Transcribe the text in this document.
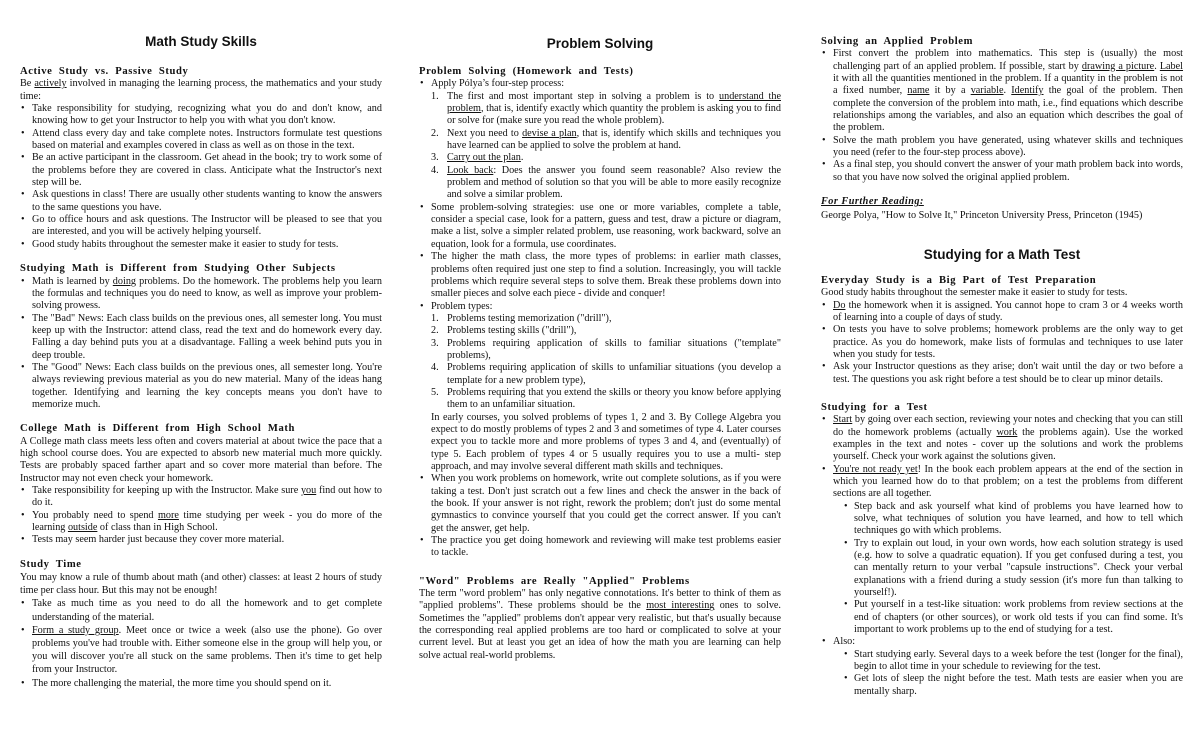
Math Study Skills
Active  Study  vs.  Passive  Study

Be actively involved in managing the learning process, the mathematics and your study time:

• Take responsibility for studying, recognizing what you do and don't know, and knowing how to get your Instructor to help you with what you don't know.
• Attend class every day and take complete notes. Instructors formulate test questions based on material and examples covered in class as well as on those in the text.
• Be an active participant in the classroom. Get ahead in the book; try to work some of the problems before they are covered in class. Anticipate what the Instructor's next step will be.
• Ask questions in class! There are usually other students wanting to know the answers to the same questions you have.
• Go to office hours and ask questions. The Instructor will be pleased to see that you are interested, and you will be actively helping yourself.
• Good study habits throughout the semester make it easier to study for tests.
Studying  Math  is  Different  from  Studying  Other  Subjects
• Math is learned by doing problems. Do the homework. The problems help you learn the formulas and techniques you do need to know, as well as improve your problem-solving prowess.
• The "Bad" News: Each class builds on the previous ones, all semester long. You must keep up with the Instructor: attend class, read the text and do homework every day. Falling a day behind puts you at a disadvantage. Falling a week behind puts you in deep trouble.
• The "Good" News: Each class builds on the previous ones, all semester long. You're always reviewing previous material as you do new material. Many of the ideas hang together. Identifying and learning the key concepts means you don't have to memorize much.
College  Math  is  Different  from  High  School  Math

A College math class meets less often and covers material at about twice the pace that a high school course does. You are expected to absorb new material much more quickly. Tests are probably spaced farther apart and so cover more material than before. The Instructor may not even check your homework.

• Take responsibility for keeping up with the Instructor. Make sure you find out how to do it.
• You probably need to spend more time studying per week - you do more of the learning outside of class than in High School.
• Tests may seem harder just because they cover more material.
Study  Time

You may know a rule of thumb about math (and other) classes: at least 2 hours of study time per class hour. But this may not be enough!

• Take as much time as you need to do all the homework and to get complete understanding of the material.
• Form a study group. Meet once or twice a week (also use the phone). Go over problems you've had trouble with. Either someone else in the group will help you, or you will discover you're all stuck on the same problems. Then it's time to get help from your Instructor.
• The more challenging the material, the more time you should spend on it.
Problem Solving
Problem  Solving  (Homework  and  Tests)
• Apply Pólya’s four-step process:
1. The first and most important step in solving a problem is to understand the problem, that is, identify exactly which quantity the problem is asking you to find or solve for (make sure you read the whole problem).
2. Next you need to devise a plan, that is, identify which skills and techniques you have learned can be applied to solve the problem at hand.
3. Carry out the plan.
4. Look back: Does the answer you found seem reasonable? Also review the problem and method of solution so that you will be able to more easily recognize and solve a similar problem.
• Some problem-solving strategies: use one or more variables, complete a table, consider a special case, look for a pattern, guess and test, draw a picture or diagram, make a list, solve a simpler related problem, use reasoning, work backward, solve an equation, look for a formula, use coordinates.
• The higher the math class, the more types of problems: in earlier math classes, problems often required just one step to find a solution. Increasingly, you will tackle problems which require several steps to solve them. Break these problems down into smaller pieces and solve each piece - divide and conquer!
• Problem types:
1. Problems testing memorization ("drill"),
2. Problems testing skills ("drill"),
3. Problems requiring application of skills to familiar situations ("template" problems),
4. Problems requiring application of skills to unfamiliar situations (you develop a template for a new problem type),
5. Problems requiring that you extend the skills or theory you know before applying them to an unfamiliar situation.

In early courses, you solved problems of types 1, 2 and 3. By College Algebra you expect to do mostly problems of types 2 and 3 and sometimes of type 4. Later courses expect you to tackle more and more problems of types 3 and 4, and (eventually) of type 5. Each problem of types 4 or 5 usually requires you to use a multi- step approach, and may involve several different math skills and techniques.

• When you work problems on homework, write out complete solutions, as if you were taking a test. Don't just scratch out a few lines and check the answer in the back of the book. If your answer is not right, rework the problem; don't just do some mental gymnastics to convince yourself that you could get the correct answer. If you can't get the answer, get help.
• The practice you get doing homework and reviewing will make test problems easier to tackle.
"Word"  Problems  are  Really  "Applied"  Problems

The term "word problem" has only negative connotations. It's better to think of them as "applied problems". These problems should be the most interesting ones to solve. Sometimes the "applied" problems don't appear very realistic, but that's usually because the corresponding real applied problems are too hard or complicated to solve at your current level. But at least you get an idea of how the math you are learning can help solve actual real-world problems.

Solving  an  Applied  Problem
• First convert the problem into mathematics. This step is (usually) the most challenging part of an applied problem. If possible, start by drawing a picture. Label it with all the quantities mentioned in the problem. If a quantity in the problem is not a fixed number, name it by a variable. Identify the goal of the problem. Then complete the conversion of the problem into math, i.e., find equations which describe relationships among the variables, and also an equation which describes the goal of the problem.
• Solve the math problem you have generated, using whatever skills and techniques you need (refer to the four-step process above).
• As a final step, you should convert the answer of your math problem back into words, so that you have now solved the original applied problem.
For Further Reading:

George Polya, "How to Solve It," Princeton University Press, Princeton (1945)

Studying for a Math Test
Everyday  Study  is  a  Big  Part  of  Test  Preparation

Good study habits throughout the semester make it easier to study for tests.

• Do the homework when it is assigned. You cannot hope to cram 3 or 4 weeks worth of learning into a couple of days of study.
• On tests you have to solve problems; homework problems are the only way to get practice. As you do homework, make lists of formulas and techniques to use later when you study for tests.
• Ask your Instructor questions as they arise; don't wait until the day or two before a test. The questions you ask right before a test should be to clear up minor details.
Studying  for  a  Test
• Start by going over each section, reviewing your notes and checking that you can still do the homework problems (actually work the problems again). Use the worked examples in the text and notes - cover up the solutions and work the problems yourself. Check your work against the solutions given.
• You're not ready yet! In the book each problem appears at the end of the section in which you learned how do to that problem; on a test the problems from different sections are all together.
• Step back and ask yourself what kind of problems you have learned how to solve, what techniques of solution you have learned, and how to tell which techniques go with which problems.
• Try to explain out loud, in your own words, how each solution strategy is used (e.g. how to solve a quadratic equation). If you get confused during a test, you can mentally return to your verbal "capsule instructions". Check your verbal explanations with a friend during a study session (it's more fun than talking to yourself!).
• Put yourself in a test-like situation: work problems from review sections at the end of chapters (or other sources), or work old tests if you can find some. It's important to work problems up to the end of studying for a test.
• Also:
• Start studying early. Several days to a week before the test (longer for the final), begin to allot time in your schedule to reviewing for the test.
• Get lots of sleep the night before the test. Math tests are easier when you are mentally sharp.
